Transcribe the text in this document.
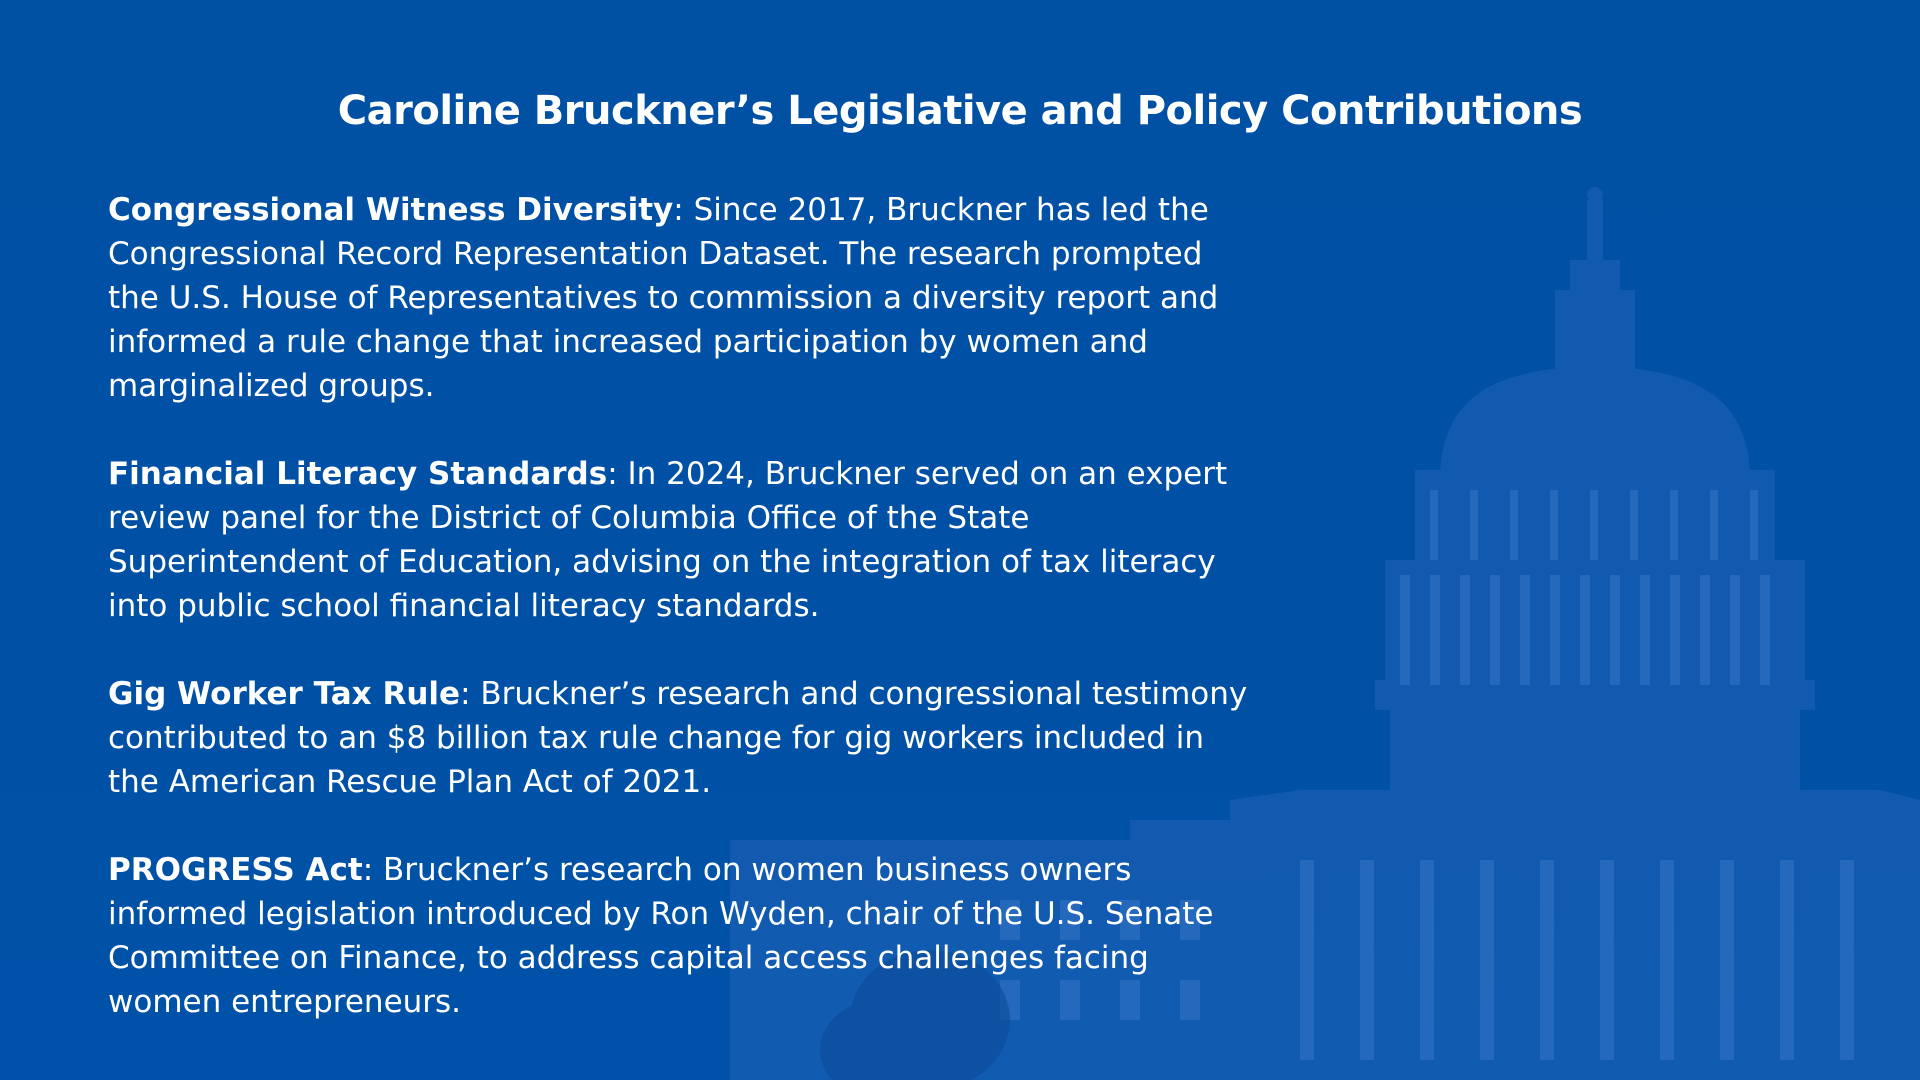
Caroline Bruckner’s Legislative and Policy Contributions

Congressional Witness Diversity: Since 2017, Bruckner has led the Congressional Record Representation Dataset. The research prompted the U.S. House of Representatives to commission a diversity report and informed a rule change that increased participation by women and marginalized groups.

Financial Literacy Standards: In 2024, Bruckner served on an expert review panel for the District of Columbia Office of the State Superintendent of Education, advising on the integration of tax literacy into public school financial literacy standards.

Gig Worker Tax Rule: Bruckner’s research and congressional testimony contributed to an $8 billion tax rule change for gig workers included in the American Rescue Plan Act of 2021.

PROGRESS Act: Bruckner’s research on women business owners informed legislation introduced by Ron Wyden, chair of the U.S. Senate Committee on Finance, to address capital access challenges facing women entrepreneurs.
